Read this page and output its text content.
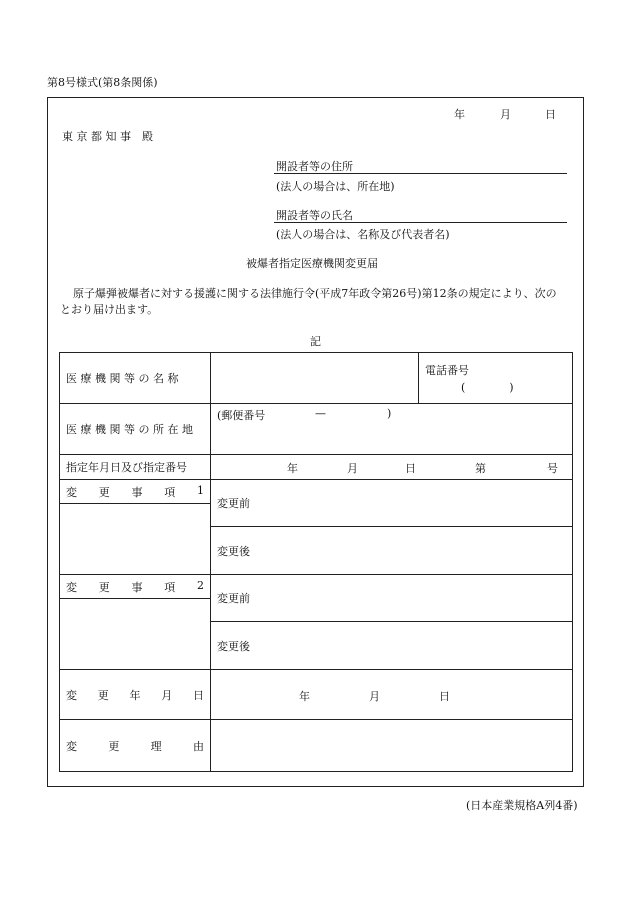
第8号様式(第8条関係)
年	月	日
東 京 都 知 事　殿
開設者等の住所
(法人の場合は、所在地)
開設者等の氏名
(法人の場合は、名称及び代表者名)
被爆者指定医療機関変更届
原子爆弾被爆者に対する援護に関する法律施行令(平成7年政令第26号)第12条の規定により、次の
とおり届け出ます。
記
医 療 機 関 等 の 名 称		電話番号
(　　　　)

医 療 機 関 等 の 所 在 地	(郵便番号 — )	

指定年月日及び指定番号	年 月 日 第 号	

変 更 事 項 1	変更前	

	変更後	

変 更 事 項 2	変更前	

	変更後	

変 更 年 月 日	年 月 日	

変 更 理 由		

(日本産業規格A列4番)
